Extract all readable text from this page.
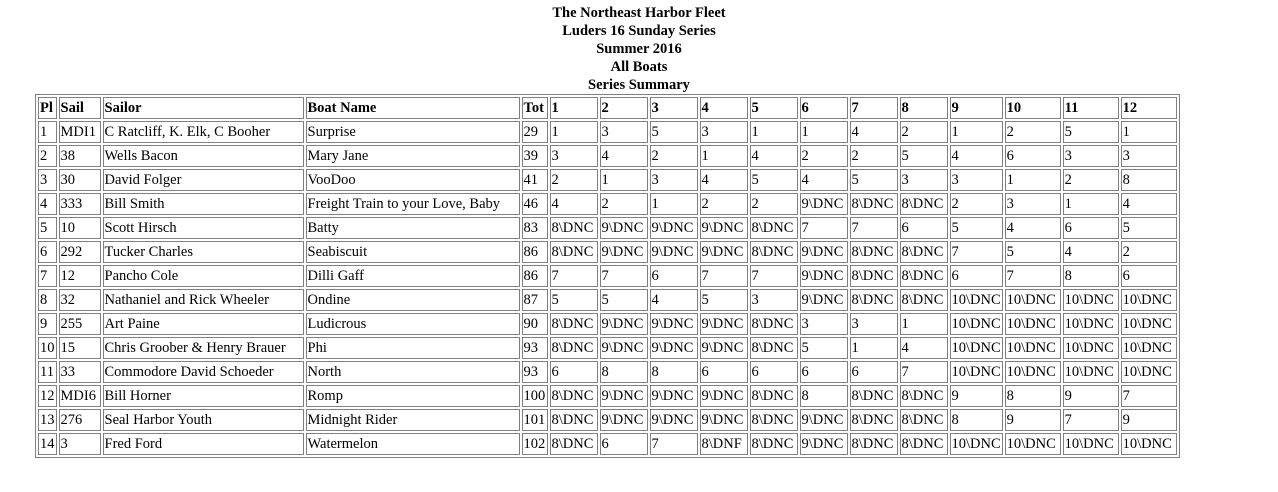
The Northeast Harbor Fleet
Luders 16 Sunday Series
Summer 2016
All Boats
Series Summary
Pl	Sail	Sailor	Boat Name	Tot	1	2	3	4	5	6	7	8	9	10	11	12
1	MDI1	C Ratcliff, K. Elk, C Booher	Surprise	29	1	3	5	3	1	1	4	2	1	2	5	1
2	38	Wells Bacon	Mary Jane	39	3	4	2	1	4	2	2	5	4	6	3	3
3	30	David Folger	VooDoo	41	2	1	3	4	5	4	5	3	3	1	2	8
4	333	Bill Smith	Freight Train to your Love, Baby	46	4	2	1	2	2	9\DNC	8\DNC	8\DNC	2	3	1	4
5	10	Scott Hirsch	Batty	83	8\DNC	9\DNC	9\DNC	9\DNC	8\DNC	7	7	6	5	4	6	5
6	292	Tucker Charles	Seabiscuit	86	8\DNC	9\DNC	9\DNC	9\DNC	8\DNC	9\DNC	8\DNC	8\DNC	7	5	4	2
7	12	Pancho Cole	Dilli Gaff	86	7	7	6	7	7	9\DNC	8\DNC	8\DNC	6	7	8	6
8	32	Nathaniel and Rick Wheeler	Ondine	87	5	5	4	5	3	9\DNC	8\DNC	8\DNC	10\DNC	10\DNC	10\DNC	10\DNC
9	255	Art Paine	Ludicrous	90	8\DNC	9\DNC	9\DNC	9\DNC	8\DNC	3	3	1	10\DNC	10\DNC	10\DNC	10\DNC
10	15	Chris Groober & Henry Brauer	Phi	93	8\DNC	9\DNC	9\DNC	9\DNC	8\DNC	5	1	4	10\DNC	10\DNC	10\DNC	10\DNC
11	33	Commodore David Schoeder	North	93	6	8	8	6	6	6	6	7	10\DNC	10\DNC	10\DNC	10\DNC
12	MDI6	Bill Horner	Romp	100	8\DNC	9\DNC	9\DNC	9\DNC	8\DNC	8	8\DNC	8\DNC	9	8	9	7
13	276	Seal Harbor Youth	Midnight Rider	101	8\DNC	9\DNC	9\DNC	9\DNC	8\DNC	9\DNC	8\DNC	8\DNC	8	9	7	9
14	3	Fred Ford	Watermelon	102	8\DNC	6	7	8\DNF	8\DNC	9\DNC	8\DNC	8\DNC	10\DNC	10\DNC	10\DNC	10\DNC
